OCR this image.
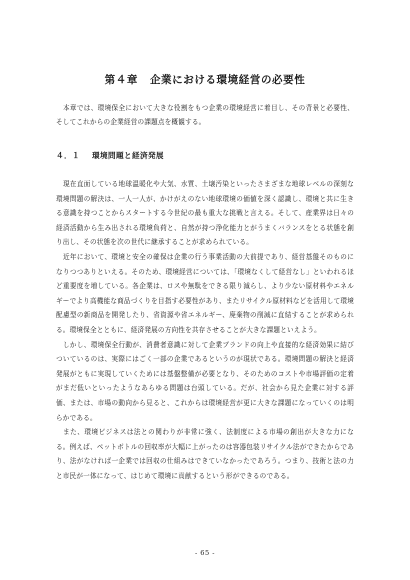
第４章 企業における環境経営の必要性

本章では、環境保全において大きな役割をもつ企業の環境経営に着目し、その背景と必要性、そしてこれからの企業経営の課題点を概観する。

４．１ 環境問題と経済発展

現在直面している地球温暖化や大気、水質、土壌汚染といったさまざまな地球レベルの深刻な環境問題の解決は、一人一人が、かけがえのない地球環境の価値を深く認識し、環境と共に生きる意識を持つことからスタートする今世紀の最も重大な挑戦と言える。そして、産業界は日々の経済活動から生み出される環境負荷と、自然が持つ浄化能力とがうまくバランスをとる状態を創り出し、その状態を次の世代に継承することが求められている。

近年において、環境と安全の確保は企業の行う事業活動の大前提であり、経営基盤そのものになりつつありといえる。そのため、環境経営については、「環境なくして経営なし」といわれるほど重要度を増している。各企業は、ロスや無駄をできる限り減らし、より少ない原材料やエネルギーでより高機能な商品づくりを目指す必要性があり、またリサイクル原材料などを活用して環境配慮型の新商品を開発したり、省資源や省エネルギー、廃棄物の削減に直結することが求められる。環境保全とともに、経済発展の方向性を共存させることが大きな課題といえよう。

しかし、環境保全行動が、消費者意識に対して企業ブランドの向上や直接的な経済効果に結びついているのは、実際にはごく一部の企業であるというのが現状である。環境問題の解決と経済発展がともに実現していくためには基盤整備が必要となり、そのためのコストや市場評価の定着がまだ低いといったようなあらゆる問題は台頭している。だが、社会から見た企業に対する評価、または、市場の動向から見ると、これからは環境経営が更に大きな課題になっていくのは明らかである。

また、環境ビジネスは法との関わりが非常に強く、法制度による市場の創出が大きな力になる。例えば、ペットボトルの回収率が大幅に上がったのは容器包装リサイクル法ができたからであり、法がなければ一企業では回収の仕組みはできていなかったであろう。つまり、技術と法の力と市民が一体になって、はじめて環境に貢献するという形ができるのである。

- 65 -
